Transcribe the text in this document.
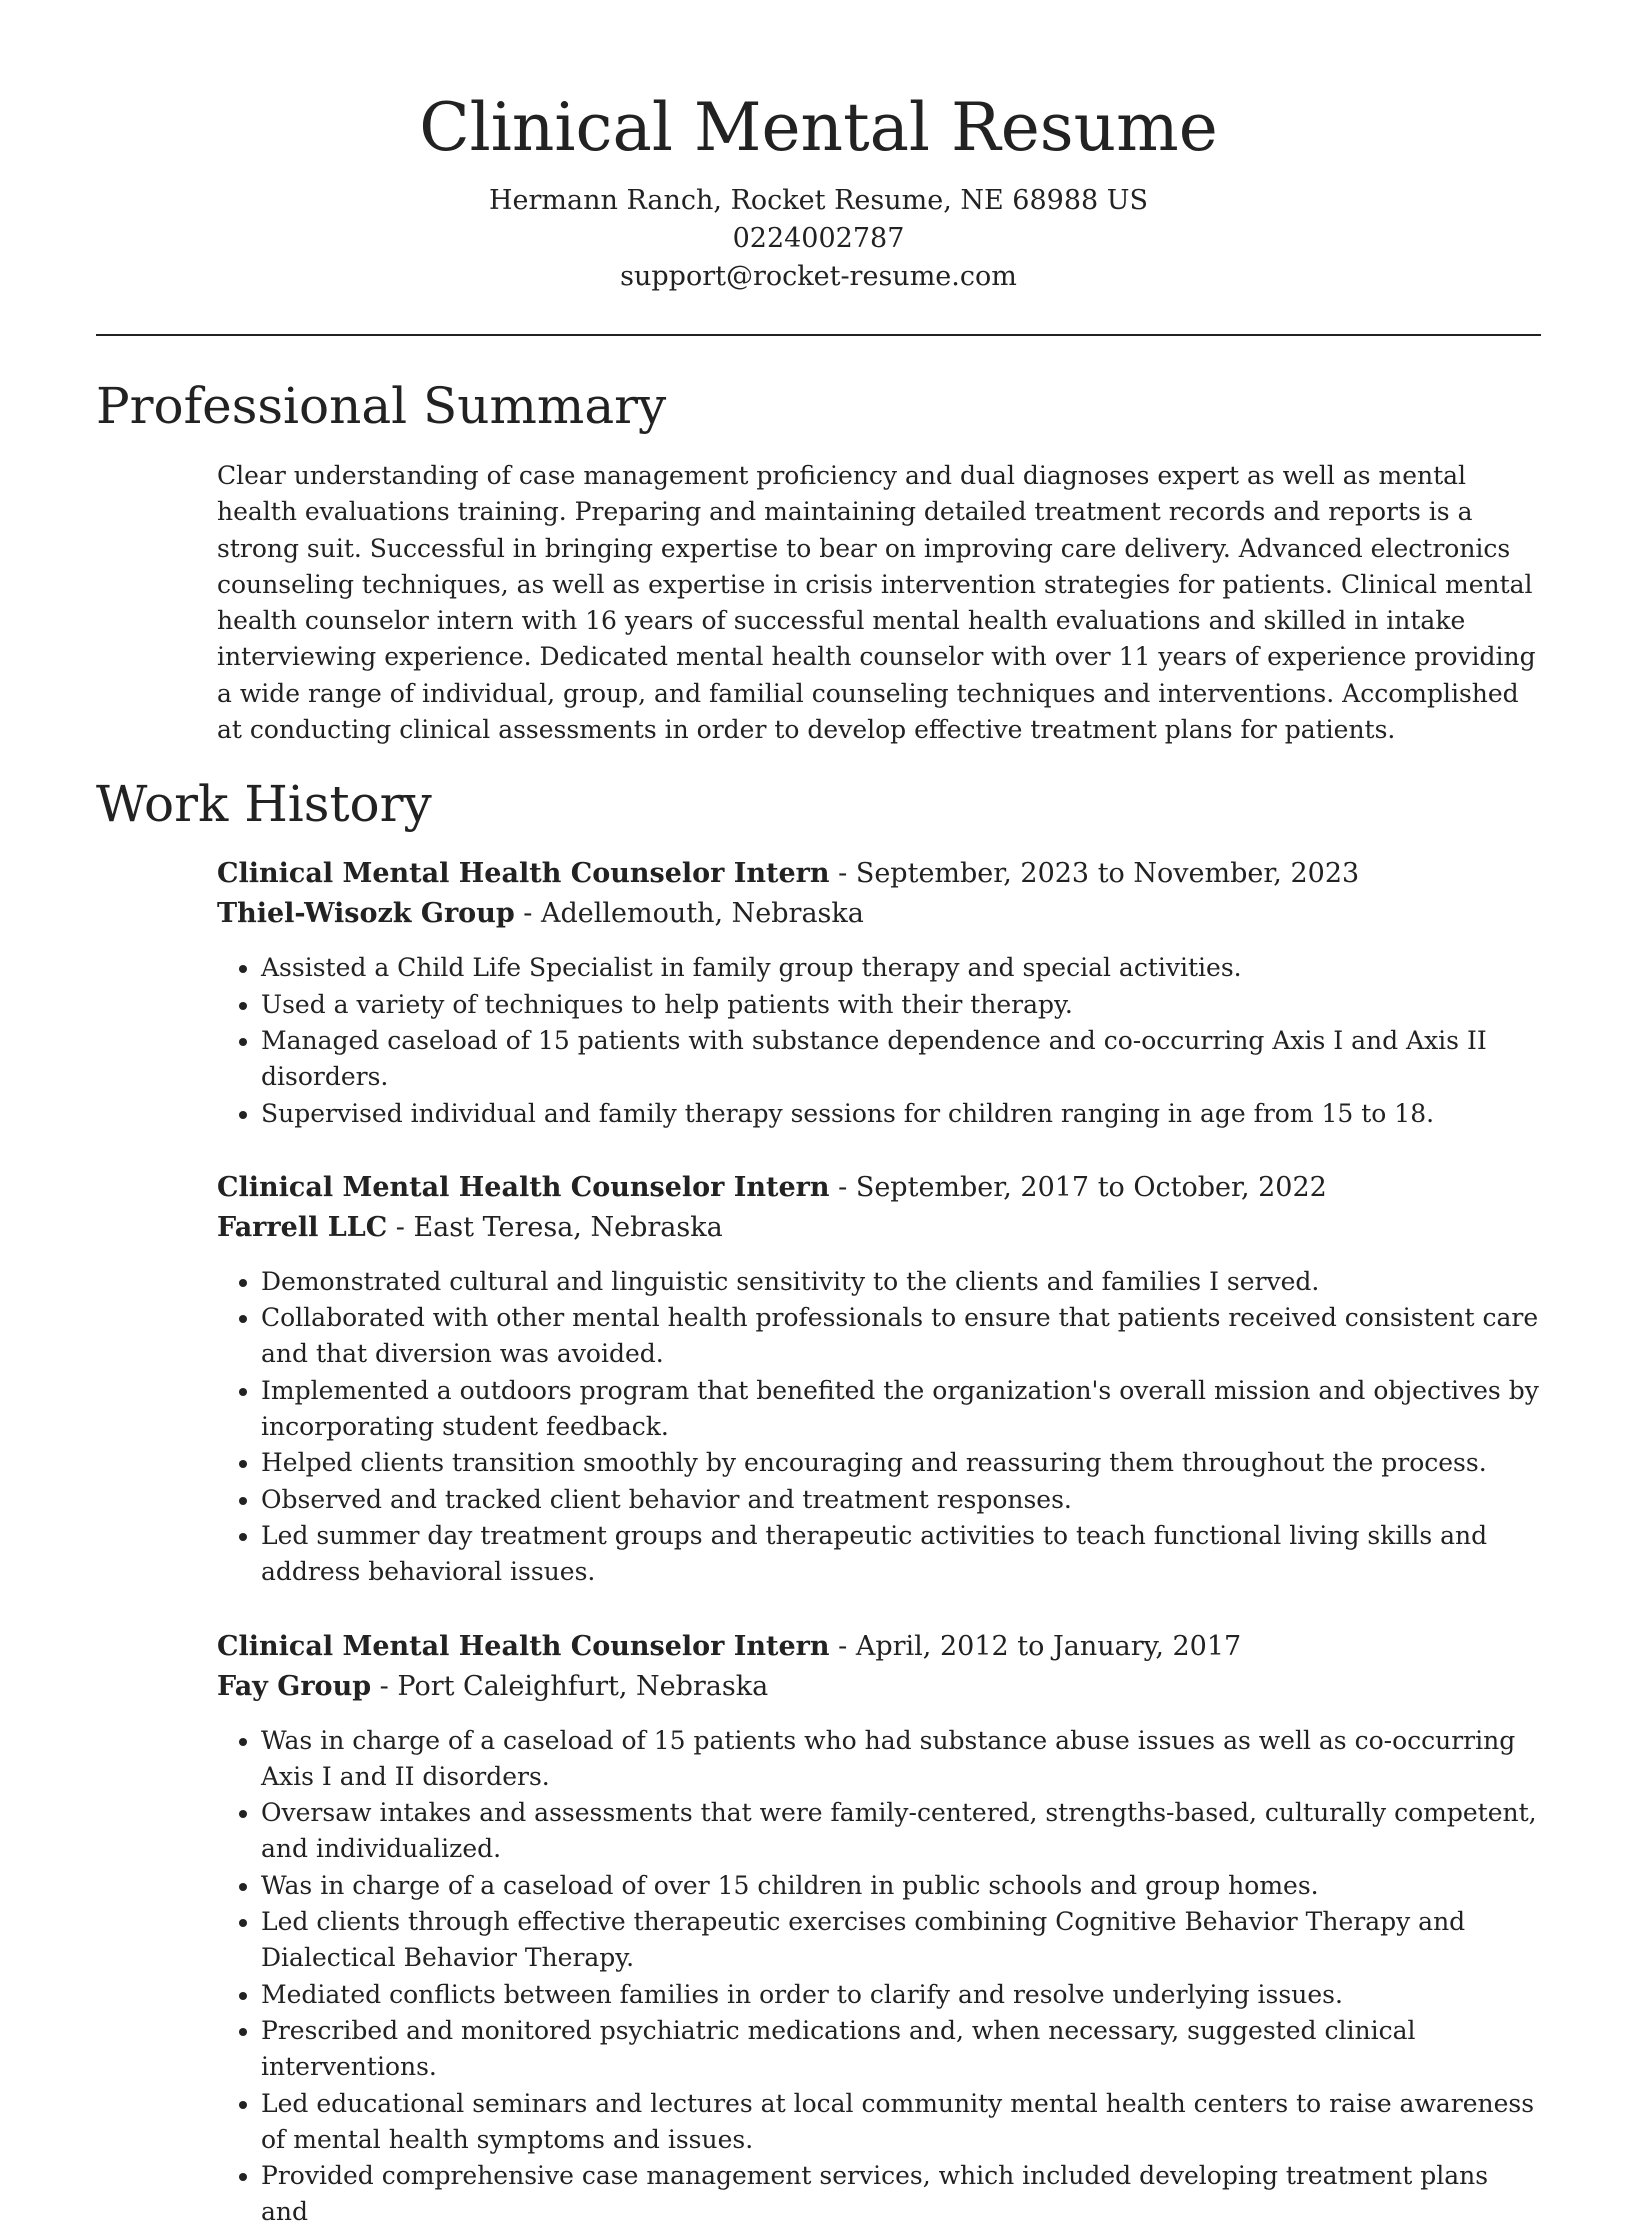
Clinical Mental Resume

Hermann Ranch, Rocket Resume, NE 68988 US

0224002787

support@rocket-resume.com

Professional Summary

Clear understanding of case management proficiency and dual diagnoses expert as well as mental health evaluations training. Preparing and maintaining detailed treatment records and reports is a strong suit. Successful in bringing expertise to bear on improving care delivery. Advanced electronics counseling techniques, as well as expertise in crisis intervention strategies for patients. Clinical mental health counselor intern with 16 years of successful mental health evaluations and skilled in intake interviewing experience. Dedicated mental health counselor with over 11 years of experience providing a wide range of individual, group, and familial counseling techniques and interventions. Accomplished at conducting clinical assessments in order to develop effective treatment plans for patients.

Work History

Clinical Mental Health Counselor Intern - September, 2023 to November, 2023

Thiel-Wisozk Group - Adellemouth, Nebraska

• Assisted a Child Life Specialist in family group therapy and special activities.
• Used a variety of techniques to help patients with their therapy.
• Managed caseload of 15 patients with substance dependence and co-occurring Axis I and Axis II disorders.
• Supervised individual and family therapy sessions for children ranging in age from 15 to 18.

Clinical Mental Health Counselor Intern - September, 2017 to October, 2022

Farrell LLC - East Teresa, Nebraska

• Demonstrated cultural and linguistic sensitivity to the clients and families I served.
• Collaborated with other mental health professionals to ensure that patients received consistent care and that diversion was avoided.
• Implemented a outdoors program that benefited the organization's overall mission and objectives by incorporating student feedback.
• Helped clients transition smoothly by encouraging and reassuring them throughout the process.
• Observed and tracked client behavior and treatment responses.
• Led summer day treatment groups and therapeutic activities to teach functional living skills and address behavioral issues.

Clinical Mental Health Counselor Intern - April, 2012 to January, 2017

Fay Group - Port Caleighfurt, Nebraska

• Was in charge of a caseload of 15 patients who had substance abuse issues as well as co-occurring Axis I and II disorders.
• Oversaw intakes and assessments that were family-centered, strengths-based, culturally competent, and individualized.
• Was in charge of a caseload of over 15 children in public schools and group homes.
• Led clients through effective therapeutic exercises combining Cognitive Behavior Therapy and Dialectical Behavior Therapy.
• Mediated conflicts between families in order to clarify and resolve underlying issues.
• Prescribed and monitored psychiatric medications and, when necessary, suggested clinical interventions.
• Led educational seminars and lectures at local community mental health centers to raise awareness of mental health symptoms and issues.
• Provided comprehensive case management services, which included developing treatment plans and
